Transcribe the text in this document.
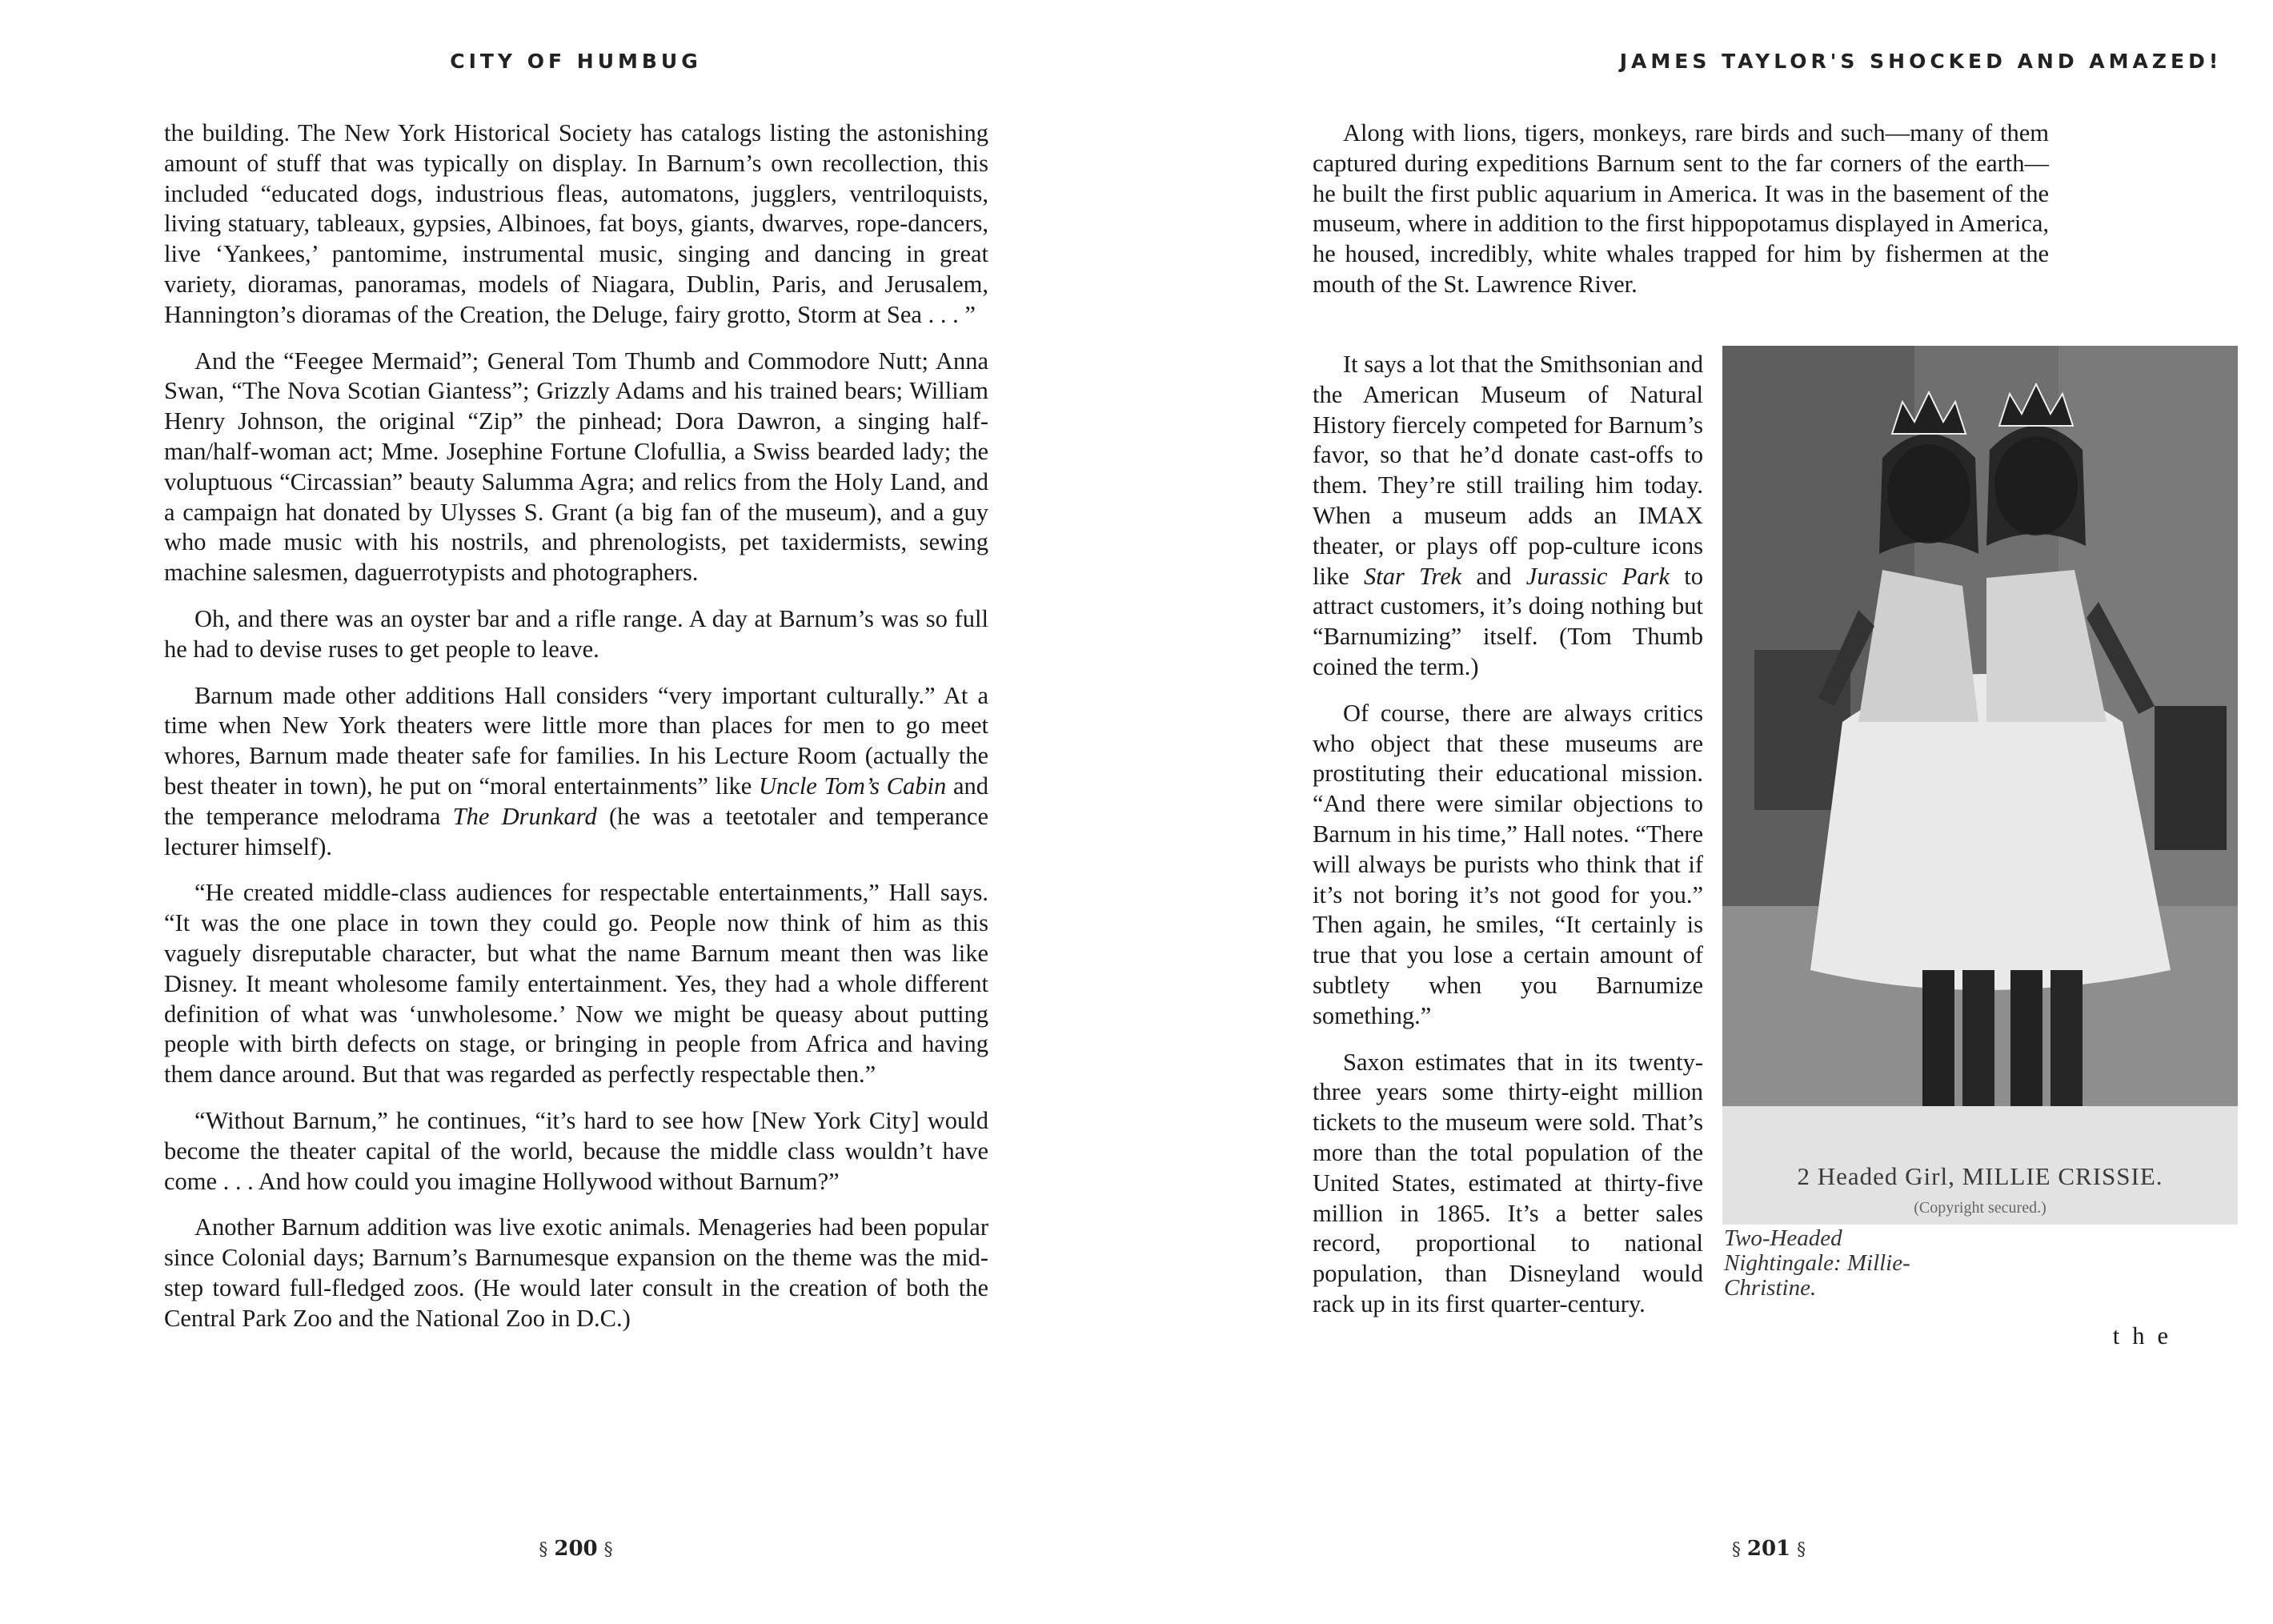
CITY OF HUMBUG

the building. The New York Historical Society has catalogs listing the astonishing amount of stuff that was typically on display. In Barnum’s own recollection, this included “educated dogs, industrious fleas, automatons, jugglers, ventriloquists, living statuary, tableaux, gypsies, Albinoes, fat boys, giants, dwarves, rope-dancers, live ‘Yankees,’ pantomime, instrumental music, singing and dancing in great variety, dioramas, panoramas, models of Niagara, Dublin, Paris, and Jerusalem, Hannington’s dioramas of the Creation, the Deluge, fairy grotto, Storm at Sea . . . ”

And the “Feegee Mermaid”; General Tom Thumb and Commodore Nutt; Anna Swan, “The Nova Scotian Giantess”; Grizzly Adams and his trained bears; William Henry Johnson, the original “Zip” the pinhead; Dora Dawron, a singing half-man/half-woman act; Mme. Josephine Fortune Clofullia, a Swiss bearded lady; the voluptuous “Circassian” beauty Salumma Agra; and relics from the Holy Land, and a campaign hat donated by Ulysses S. Grant (a big fan of the museum), and a guy who made music with his nostrils, and phrenologists, pet taxidermists, sewing machine salesmen, daguerrotypists and photographers.

Oh, and there was an oyster bar and a rifle range. A day at Barnum’s was so full he had to devise ruses to get people to leave.

Barnum made other additions Hall considers “very important culturally.” At a time when New York theaters were little more than places for men to go meet whores, Barnum made theater safe for families. In his Lecture Room (actually the best theater in town), he put on “moral entertainments” like Uncle Tom’s Cabin and the temperance melodrama The Drunkard (he was a teetotaler and temperance lecturer himself).

“He created middle-class audiences for respectable entertainments,” Hall says. “It was the one place in town they could go. People now think of him as this vaguely disreputable character, but what the name Barnum meant then was like Disney. It meant wholesome family entertainment. Yes, they had a whole different definition of what was ‘unwholesome.’ Now we might be queasy about putting people with birth defects on stage, or bringing in people from Africa and having them dance around. But that was regarded as perfectly respectable then.”

“Without Barnum,” he continues, “it’s hard to see how [New York City] would become the theater capital of the world, because the middle class wouldn’t have come . . . And how could you imagine Hollywood without Barnum?”

Another Barnum addition was live exotic animals. Menageries had been popular since Colonial days; Barnum’s Barnumesque expansion on the theme was the mid-step toward full-fledged zoos. (He would later consult in the creation of both the Central Park Zoo and the National Zoo in D.C.)

§ 200 §
JAMES TAYLOR'S SHOCKED AND AMAZED!

Along with lions, tigers, monkeys, rare birds and such—many of them captured during expeditions Barnum sent to the far corners of the earth—he built the first public aquarium in America. It was in the basement of the museum, where in addition to the first hippopotamus displayed in America, he housed, incredibly, white whales trapped for him by fishermen at the mouth of the St. Lawrence River.

It says a lot that the Smithsonian and the American Museum of Natural History fiercely competed for Barnum’s favor, so that he’d donate cast-offs to them. They’re still trailing him today. When a museum adds an IMAX theater, or plays off pop-culture icons like Star Trek and Jurassic Park to attract customers, it’s doing nothing but “Barnumizing” itself. (Tom Thumb coined the term.)

Of course, there are always critics who object that these museums are prostituting their educational mission. “And there were similar objections to Barnum in his time,” Hall notes. “There will always be purists who think that if it’s not boring it’s not good for you.” Then again, he smiles, “It certainly is true that you lose a certain amount of subtlety when you Barnumize something.”

Saxon estimates that in its twenty-three years some thirty-eight million tickets to the museum were sold. That’s more than the total population of the United States, estimated at thirty-five million in 1865. It’s a better sales record, proportional to national population, than Disneyland would rack up in its first quarter-century.

2 Headed Girl, MILLIE CRISSIE.
(Copyright secured.)
Two-Headed Nightingale: Millie-Christine.
the
§ 201 §
